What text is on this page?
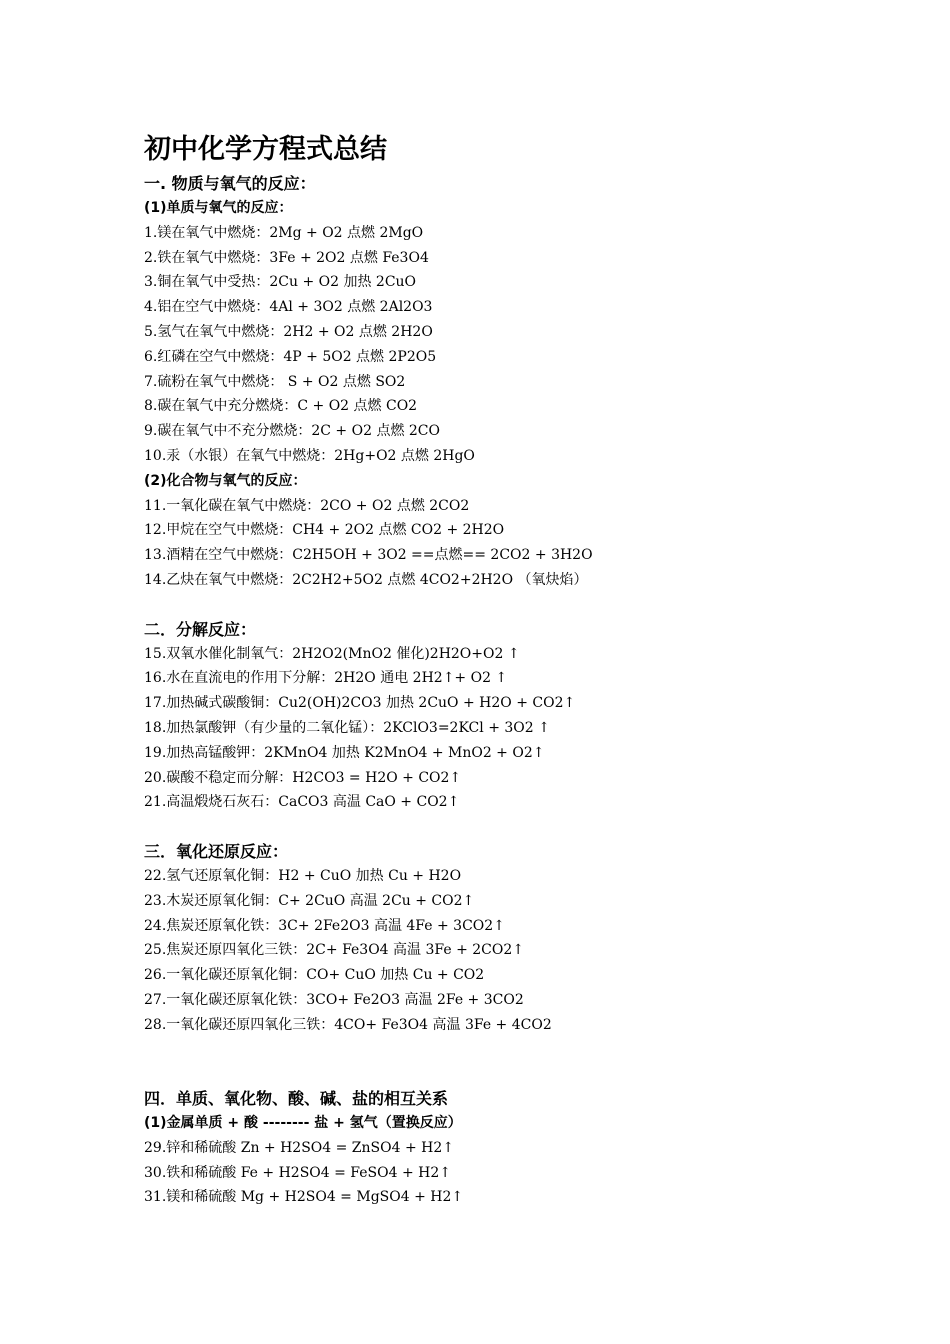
初中化学方程式总结
一. 物质与氧气的反应：
(1)单质与氧气的反应：
1.镁在氧气中燃烧：2Mg + O2 点燃 2MgO
2.铁在氧气中燃烧：3Fe + 2O2 点燃 Fe3O4
3.铜在氧气中受热：2Cu + O2 加热 2CuO
4.铝在空气中燃烧：4Al + 3O2 点燃 2Al2O3
5.氢气在氧气中燃烧：2H2 + O2 点燃 2H2O
6.红磷在空气中燃烧：4P + 5O2 点燃 2P2O5
7.硫粉在氧气中燃烧： S + O2 点燃 SO2
8.碳在氧气中充分燃烧：C + O2 点燃 CO2
9.碳在氧气中不充分燃烧：2C + O2 点燃 2CO
10.汞（水银）在氧气中燃烧：2Hg+O2 点燃 2HgO
(2)化合物与氧气的反应：
11.一氧化碳在氧气中燃烧：2CO + O2 点燃 2CO2
12.甲烷在空气中燃烧：CH4 + 2O2 点燃 CO2 + 2H2O
13.酒精在空气中燃烧：C2H5OH + 3O2 ==点燃== 2CO2 + 3H2O
14.乙炔在氧气中燃烧：2C2H2+5O2 点燃 4CO2+2H2O （氧炔焰）
二．分解反应：
15.双氧水催化制氧气：2H2O2(MnO2 催化)2H2O+O2 ↑
16.水在直流电的作用下分解：2H2O 通电 2H2↑+ O2 ↑
17.加热碱式碳酸铜：Cu2(OH)2CO3 加热 2CuO + H2O + CO2↑
18.加热氯酸钾（有少量的二氧化锰）：2KClO3=2KCl + 3O2 ↑
19.加热高锰酸钾：2KMnO4 加热 K2MnO4 + MnO2 + O2↑
20.碳酸不稳定而分解：H2CO3 = H2O + CO2↑
21.高温煅烧石灰石：CaCO3 高温 CaO + CO2↑
三．氧化还原反应：
22.氢气还原氧化铜：H2 + CuO 加热 Cu + H2O
23.木炭还原氧化铜：C+ 2CuO 高温 2Cu + CO2↑
24.焦炭还原氧化铁：3C+ 2Fe2O3 高温 4Fe + 3CO2↑
25.焦炭还原四氧化三铁：2C+ Fe3O4 高温 3Fe + 2CO2↑
26.一氧化碳还原氧化铜：CO+ CuO 加热 Cu + CO2
27.一氧化碳还原氧化铁：3CO+ Fe2O3 高温 2Fe + 3CO2
28.一氧化碳还原四氧化三铁：4CO+ Fe3O4 高温 3Fe + 4CO2
四．单质、氧化物、酸、碱、盐的相互关系
(1)金属单质 + 酸 -------- 盐 + 氢气（置换反应）
29.锌和稀硫酸 Zn + H2SO4 = ZnSO4 + H2↑
30.铁和稀硫酸 Fe + H2SO4 = FeSO4 + H2↑
31.镁和稀硫酸 Mg + H2SO4 = MgSO4 + H2↑
